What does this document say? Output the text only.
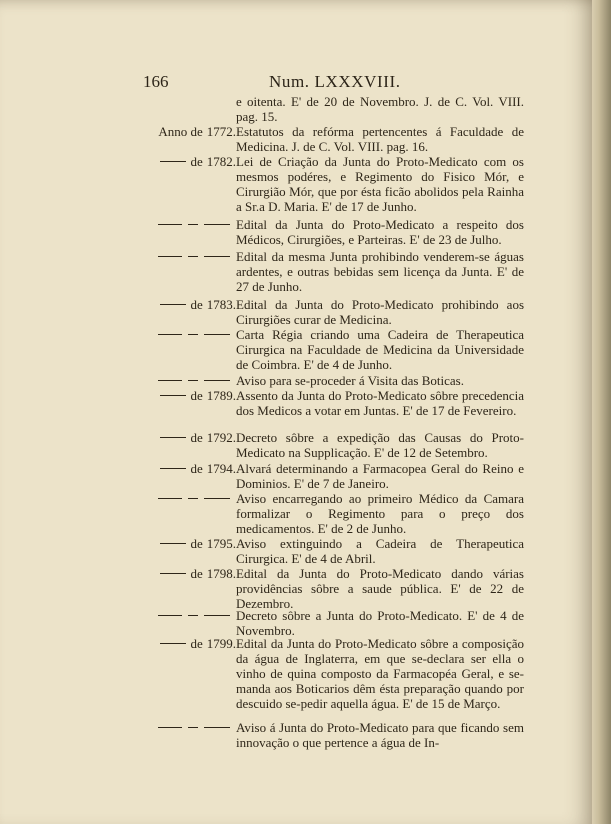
166	Num. LXXXVIII.
e oitenta. E' de 20 de Novembro. J. de C. Vol. VIII. pag. 15.
Anno de 1772. Estatutos da refórma pertencentes á Faculdade de Medicina. J. de C. Vol. VIII. pag. 16.
de 1782. Lei de Criação da Junta do Proto-Medicato com os mesmos podéres, e Regimento do Fisico Mór, e Cirurgião Mór, que por ésta ficão abolidos pela Rainha a Sr.a D. Maria. E' de 17 de Junho.
Edital da Junta do Proto-Medicato a respeito dos Médicos, Cirurgiões, e Parteiras. E' de 23 de Julho.
Edital da mesma Junta prohibindo venderem-se águas ardentes, e outras bebidas sem licença da Junta. E' de 27 de Junho.
de 1783. Edital da Junta do Proto-Medicato prohibindo aos Cirurgiões curar de Medicina.
Carta Régia criando uma Cadeira de Therapeutica Cirurgica na Faculdade de Medicina da Universidade de Coimbra. E' de 4 de Junho.
Aviso para se-proceder á Visita das Boticas.
de 1789. Assento da Junta do Proto-Medicato sôbre precedencia dos Medicos a votar em Juntas. E' de 17 de Fevereiro.
de 1792. Decreto sôbre a expedição das Causas do Proto-Medicato na Supplicação. E' de 12 de Setembro.
de 1794. Alvará determinando a Farmacopea Geral do Reino e Dominios. E' de 7 de Janeiro.
Aviso encarregando ao primeiro Médico da Camara formalizar o Regimento para o preço dos medicamentos. E' de 2 de Junho.
de 1795. Aviso extinguindo a Cadeira de Therapeutica Cirurgica. E' de 4 de Abril.
de 1798. Edital da Junta do Proto-Medicato dando várias providências sôbre a saude pública. E' de 22 de Dezembro.
Decreto sôbre a Junta do Proto-Medicato. E' de 4 de Novembro.
de 1799. Edital da Junta do Proto-Medicato sôbre a composição da água de Inglaterra, em que se-declara ser ella o vinho de quina composto da Farmacopéa Geral, e se-manda aos Boticarios dêm ésta preparação quando por descuido se-pedir aquella água. E' de 15 de Março.
Aviso á Junta do Proto-Medicato para que ficando sem innovação o que pertence a água de In-
